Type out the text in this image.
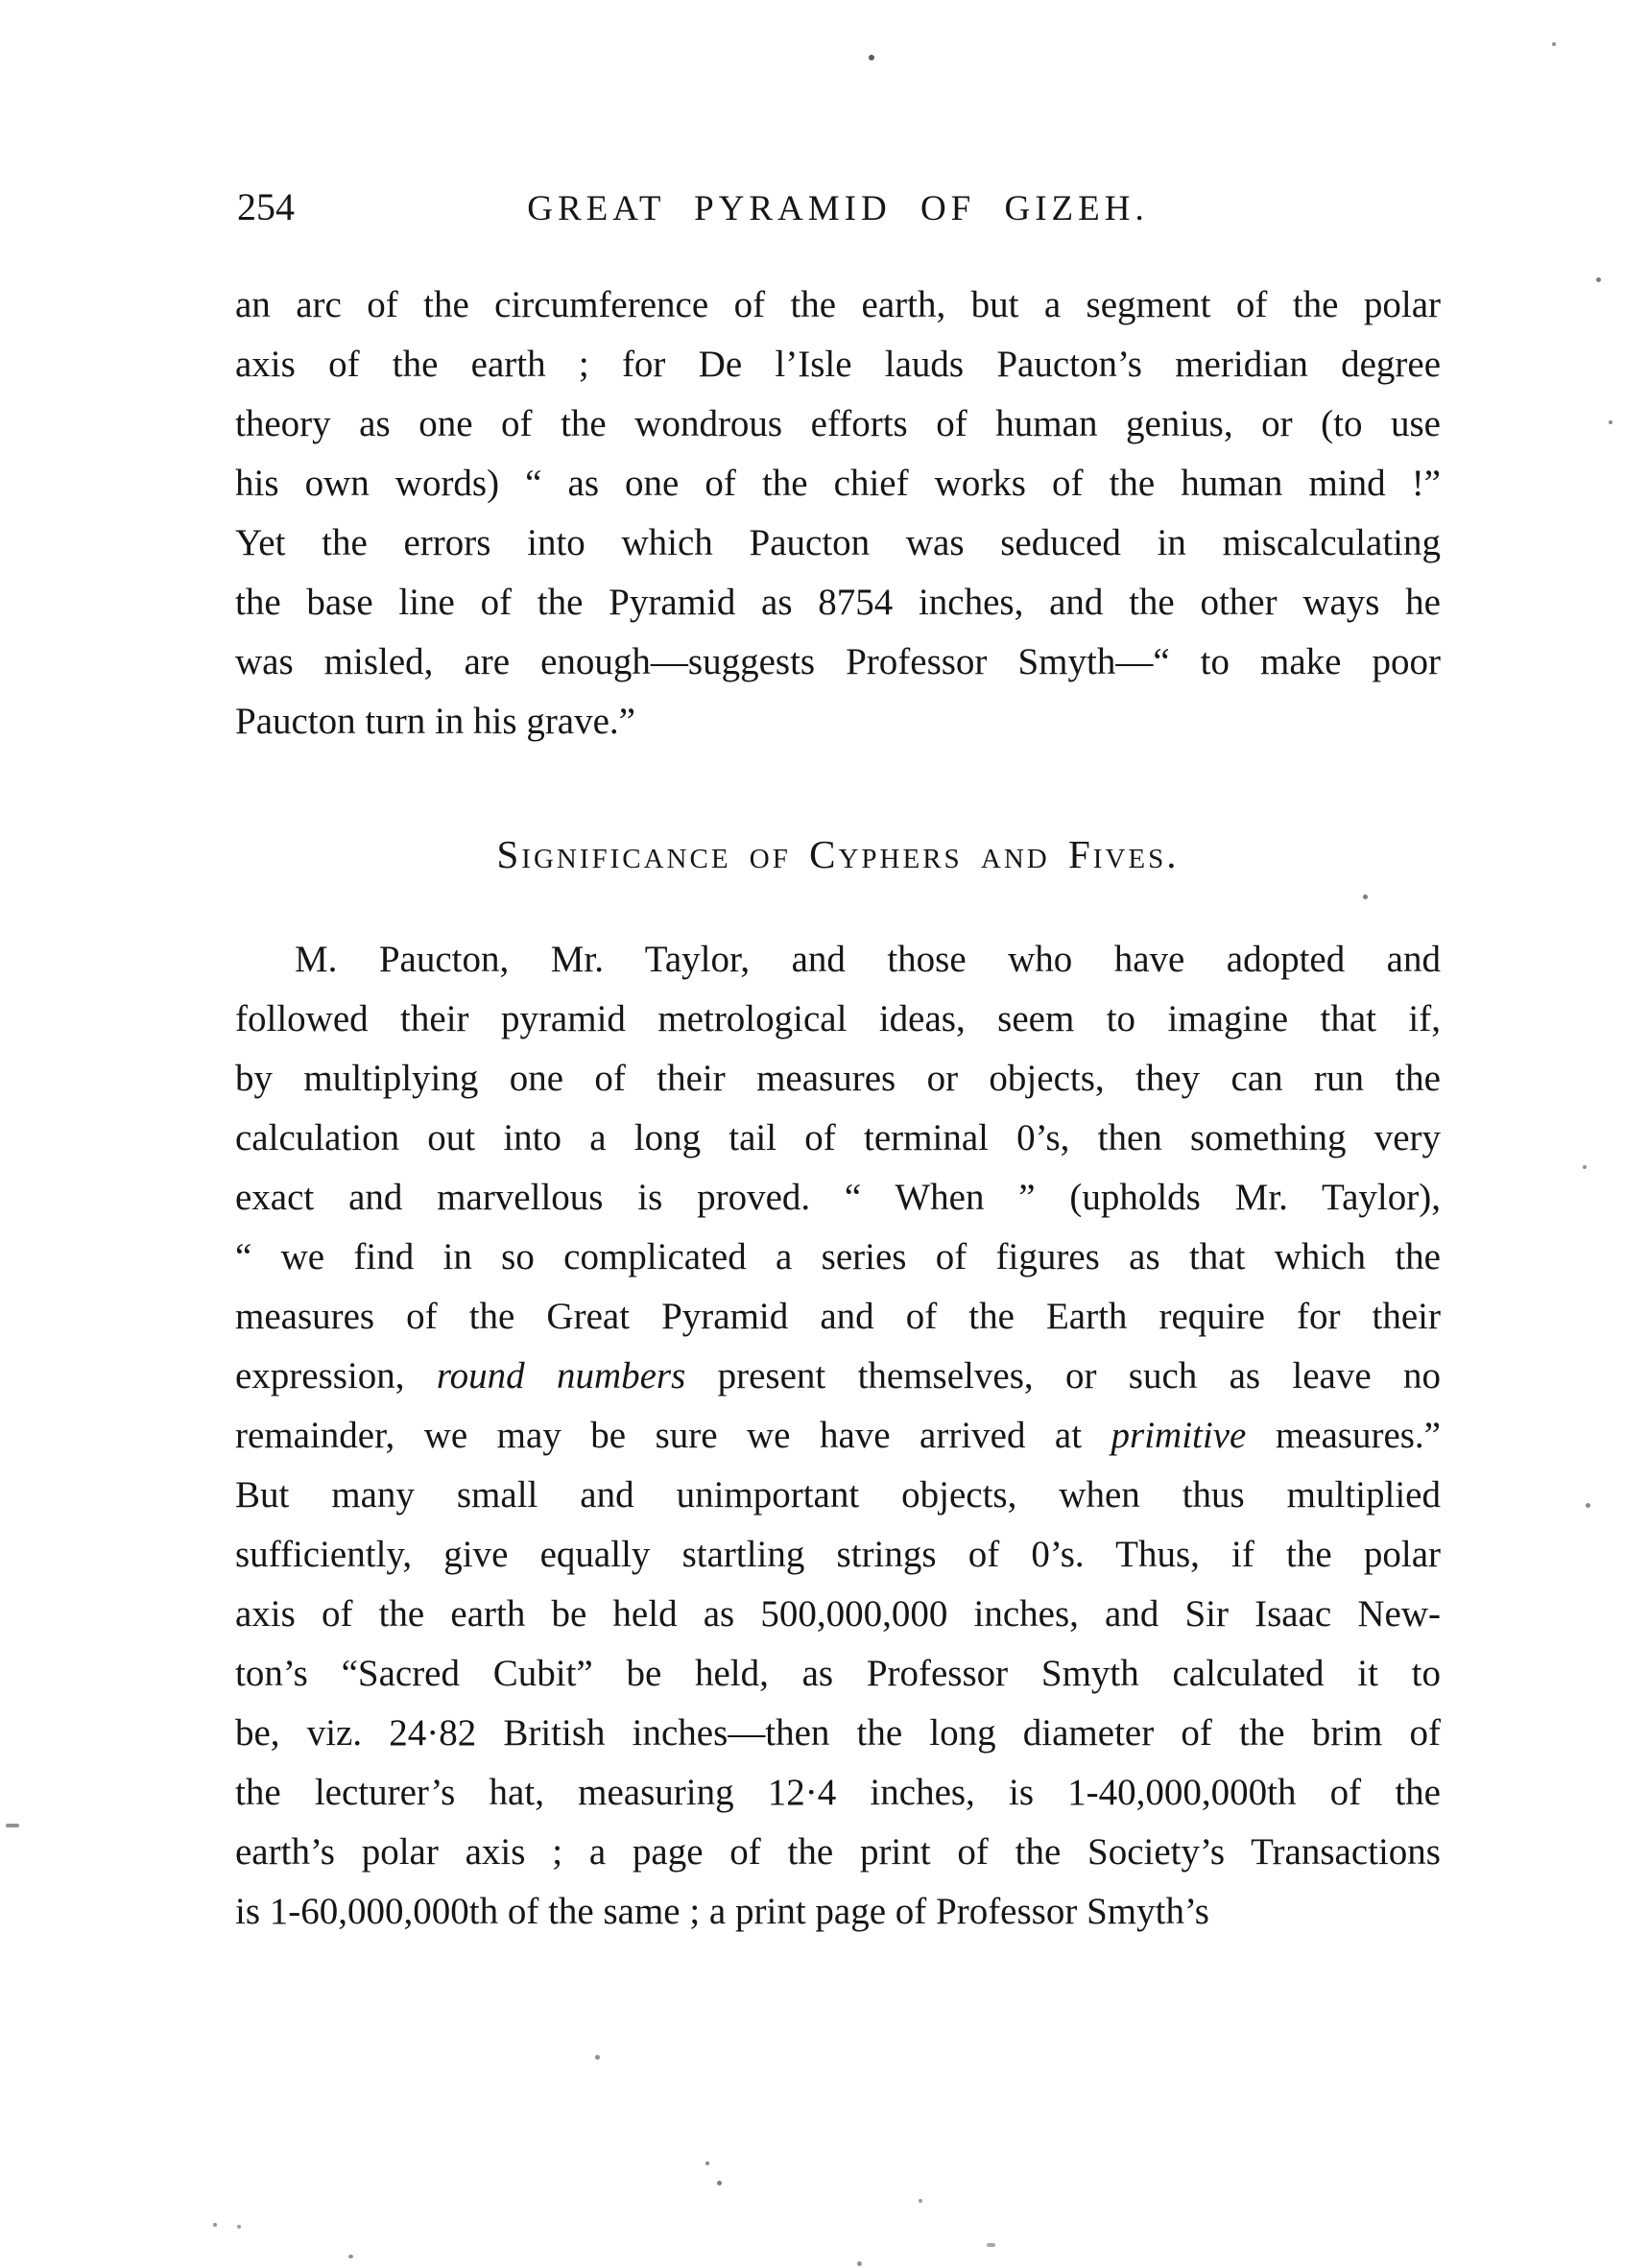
254	GREAT PYRAMID OF GIZEH.
an arc of the circumference of the earth, but a segment of the polar
axis of the earth ; for De l’Isle lauds Paucton’s meridian degree
theory as one of the wondrous efforts of human genius, or (to use
his own words) “ as one of the chief works of the human mind !”
Yet the errors into which Paucton was seduced in miscalculating
the base line of the Pyramid as 8754 inches, and the other ways he
was misled, are enough—suggests Professor Smyth—“ to make poor
Paucton turn in his grave.”
Significance of Cyphers and Fives.
M. Paucton, Mr. Taylor, and those who have adopted and
followed their pyramid metrological ideas, seem to imagine that if,
by multiplying one of their measures or objects, they can run the
calculation out into a long tail of terminal 0’s, then something very
exact and marvellous is proved. “ When ” (upholds Mr. Taylor),
“ we find in so complicated a series of figures as that which the
measures of the Great Pyramid and of the Earth require for their
expression, round numbers present themselves, or such as leave no
remainder, we may be sure we have arrived at primitive measures.”
But many small and unimportant objects, when thus multiplied
sufficiently, give equally startling strings of 0’s. Thus, if the polar
axis of the earth be held as 500,000,000 inches, and Sir Isaac New-
ton’s “Sacred Cubit” be held, as Professor Smyth calculated it to
be, viz. 24·82 British inches—then the long diameter of the brim of
the lecturer’s hat, measuring 12·4 inches, is 1-40,000,000th of the
earth’s polar axis ; a page of the print of the Society’s Transactions
is 1-60,000,000th of the same ; a print page of Professor Smyth’s
